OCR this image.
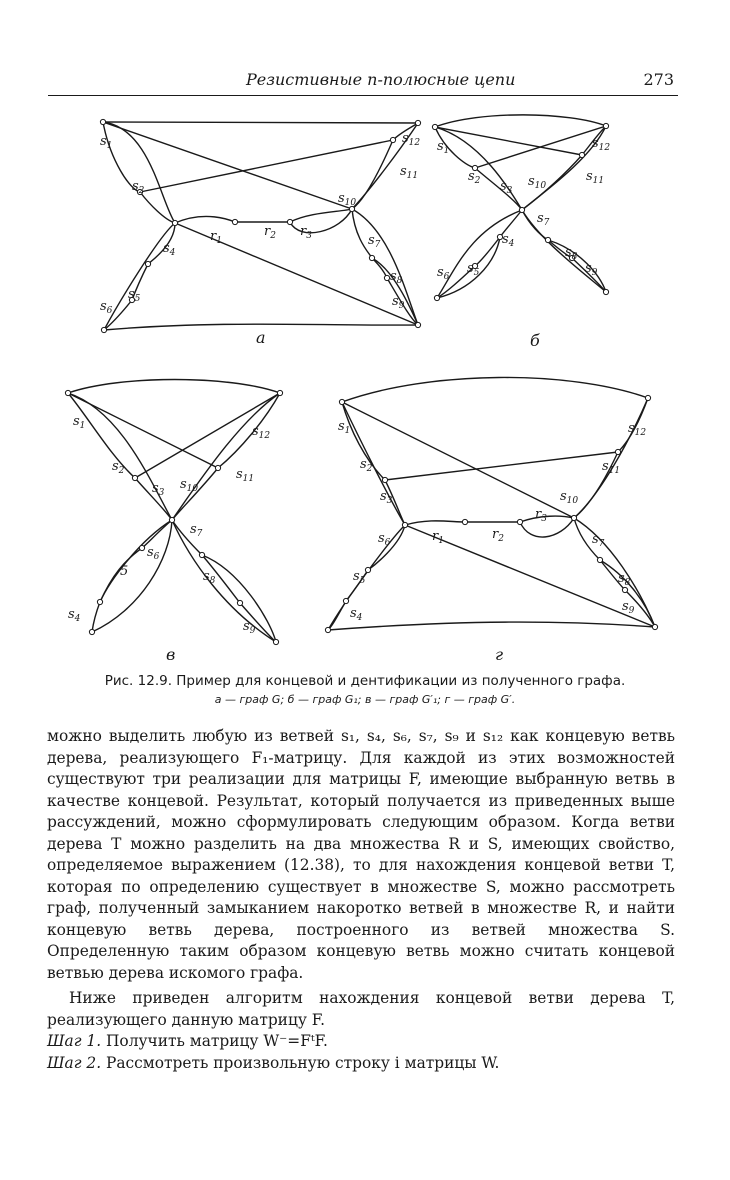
Резистивные n-полюсные цепи	273
$s_1$
$s_2$
$s_4$
$s_5$
$s_6$
$s_7$
$s_8$
$s_9$
$s_{10}$
$s_{11}$
$s_{12}$
$r_1$
$r_2$ $r_3$
а
$s_1$
$s_2$ $s_3$
$s_4$
$s_5$
$s_6$
$s_7$
$s_8$
$s_9$
$s_{10}$
$s_{11}$
$s_{12}$
б
$s_1$
$s_2$
$s_3$
$s_4$
5
$s_6$
$s_7$
$s_8$
$s_9$
$s_{10}$
$s_{11}$
$s_{12}$
в
$s_1$
$s_2$
$s_3$
$s_4$
$s_5$
$s_6$	$s_7$
$s_8$
$s_9$
$s_{10}$
$s_{11}$
$s_{12}$
$r_1$	$r_2$
$r_3$
г
Рис. 12.9. Пример для концевой и дентификации из полученного графа.
а — граф G; б — граф G₁; в — граф G′₁; г — граф G′.

можно выделить любую из ветвей s₁, s₄, s₆, s₇, s₉ и s₁₂ как концевую ветвь дерева, реализующего F₁-матрицу. Для каждой из этих возможностей существуют три реализации для матрицы F, имеющие выбранную ветвь в качестве концевой. Результат, который получается из приведенных выше рассуждений, можно сформулировать следующим образом. Когда ветви дерева T можно разделить на два множества R и S, имеющих свойство, определяемое выражением (12.38), то для нахождения концевой ветви T, которая по определению существует в множестве S, можно рассмотреть граф, полученный замыканием накоротко ветвей в множестве R, и найти концевую ветвь дерева, построенного из ветвей множества S. Определенную таким образом концевую ветвь можно считать концевой ветвью дерева искомого графа.

Ниже приведен алгоритм нахождения концевой ветви дерева T, реализующего данную матрицу F.

Шаг 1. Получить матрицу W⁻=FᵗF.

Шаг 2. Рассмотреть произвольную строку i матрицы W.
